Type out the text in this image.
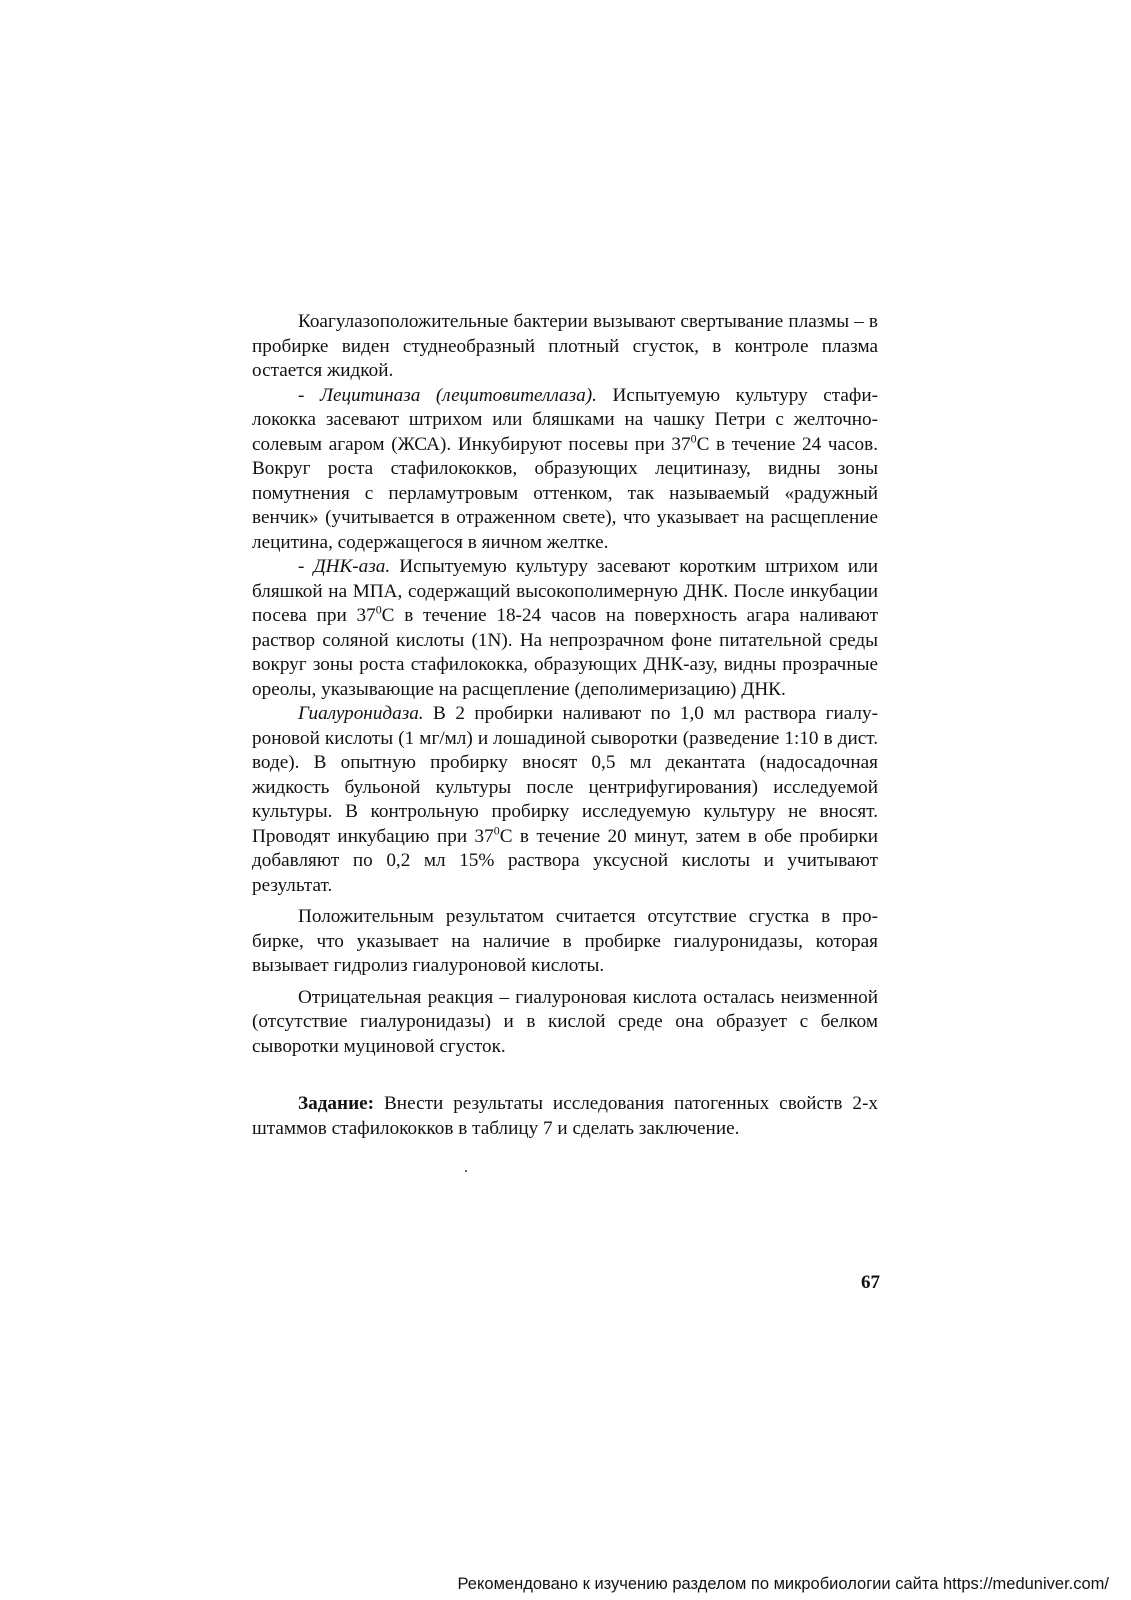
Коагулазоположительные бактерии вызывают свертывание плазмы – в пробирке виден студнеобразный плотный сгусток, в контроле плазма остается жидкой.

- Лецитиназа (лецитовителлаза). Испытуемую культуру стафилококка засевают штрихом или бляшками на чашку Петри с желточно-солевым агаром (ЖСА). Инкубируют посевы при $37^0С$ в течение 24 часов. Вокруг роста стафилококков, образующих лецитиназу, видны зоны помутнения с перламутровым оттенком, так называемый «радужный венчик» (учитывается в отраженном свете), что указывает на расщепление лецитина, содержащегося в яичном желтке.

- ДНК-аза. Испытуемую культуру засевают коротким штрихом или бляшкой на МПА, содержащий высокополимерную ДНК. После инкубации посева при $37^0С$ в течение 18-24 часов на поверхность агара наливают раствор соляной кислоты (1N). На непрозрачном фоне питательной среды вокруг зоны роста стафилококка, образующих ДНК-азу, видны прозрачные ореолы, указывающие на расщепление (деполимеризацию) ДНК.

Гиалуронидаза. В 2 пробирки наливают по 1,0 мл раствора гиалуроновой кислоты (1 мг/мл) и лошадиной сыворотки (разведение 1:10 в дист. воде). В опытную пробирку вносят 0,5 мл декантата (надосадочная жидкость бульоной культуры после центрифугирования) исследуемой культуры. В контрольную пробирку исследуемую культуру не вносят. Проводят инкубацию при $37^0С$ в течение 20 минут, затем в обе пробирки добавляют по 0,2 мл 15% раствора уксусной кислоты и учитывают результат.

Положительным результатом считается отсутствие сгустка в пробирке, что указывает на наличие в пробирке гиалуронидазы, которая вызывает гидролиз гиалуроновой кислоты.

Отрицательная реакция – гиалуроновая кислота осталась неизменной (отсутствие гиалуронидазы) и в кислой среде она образует с белком сыворотки муциновой сгусток.

Задание: Внести результаты исследования патогенных свойств 2-х штаммов стафилококков в таблицу 7 и сделать заключение.

67
Рекомендовано к изучению разделом по микробиологии сайта https://meduniver.com/
